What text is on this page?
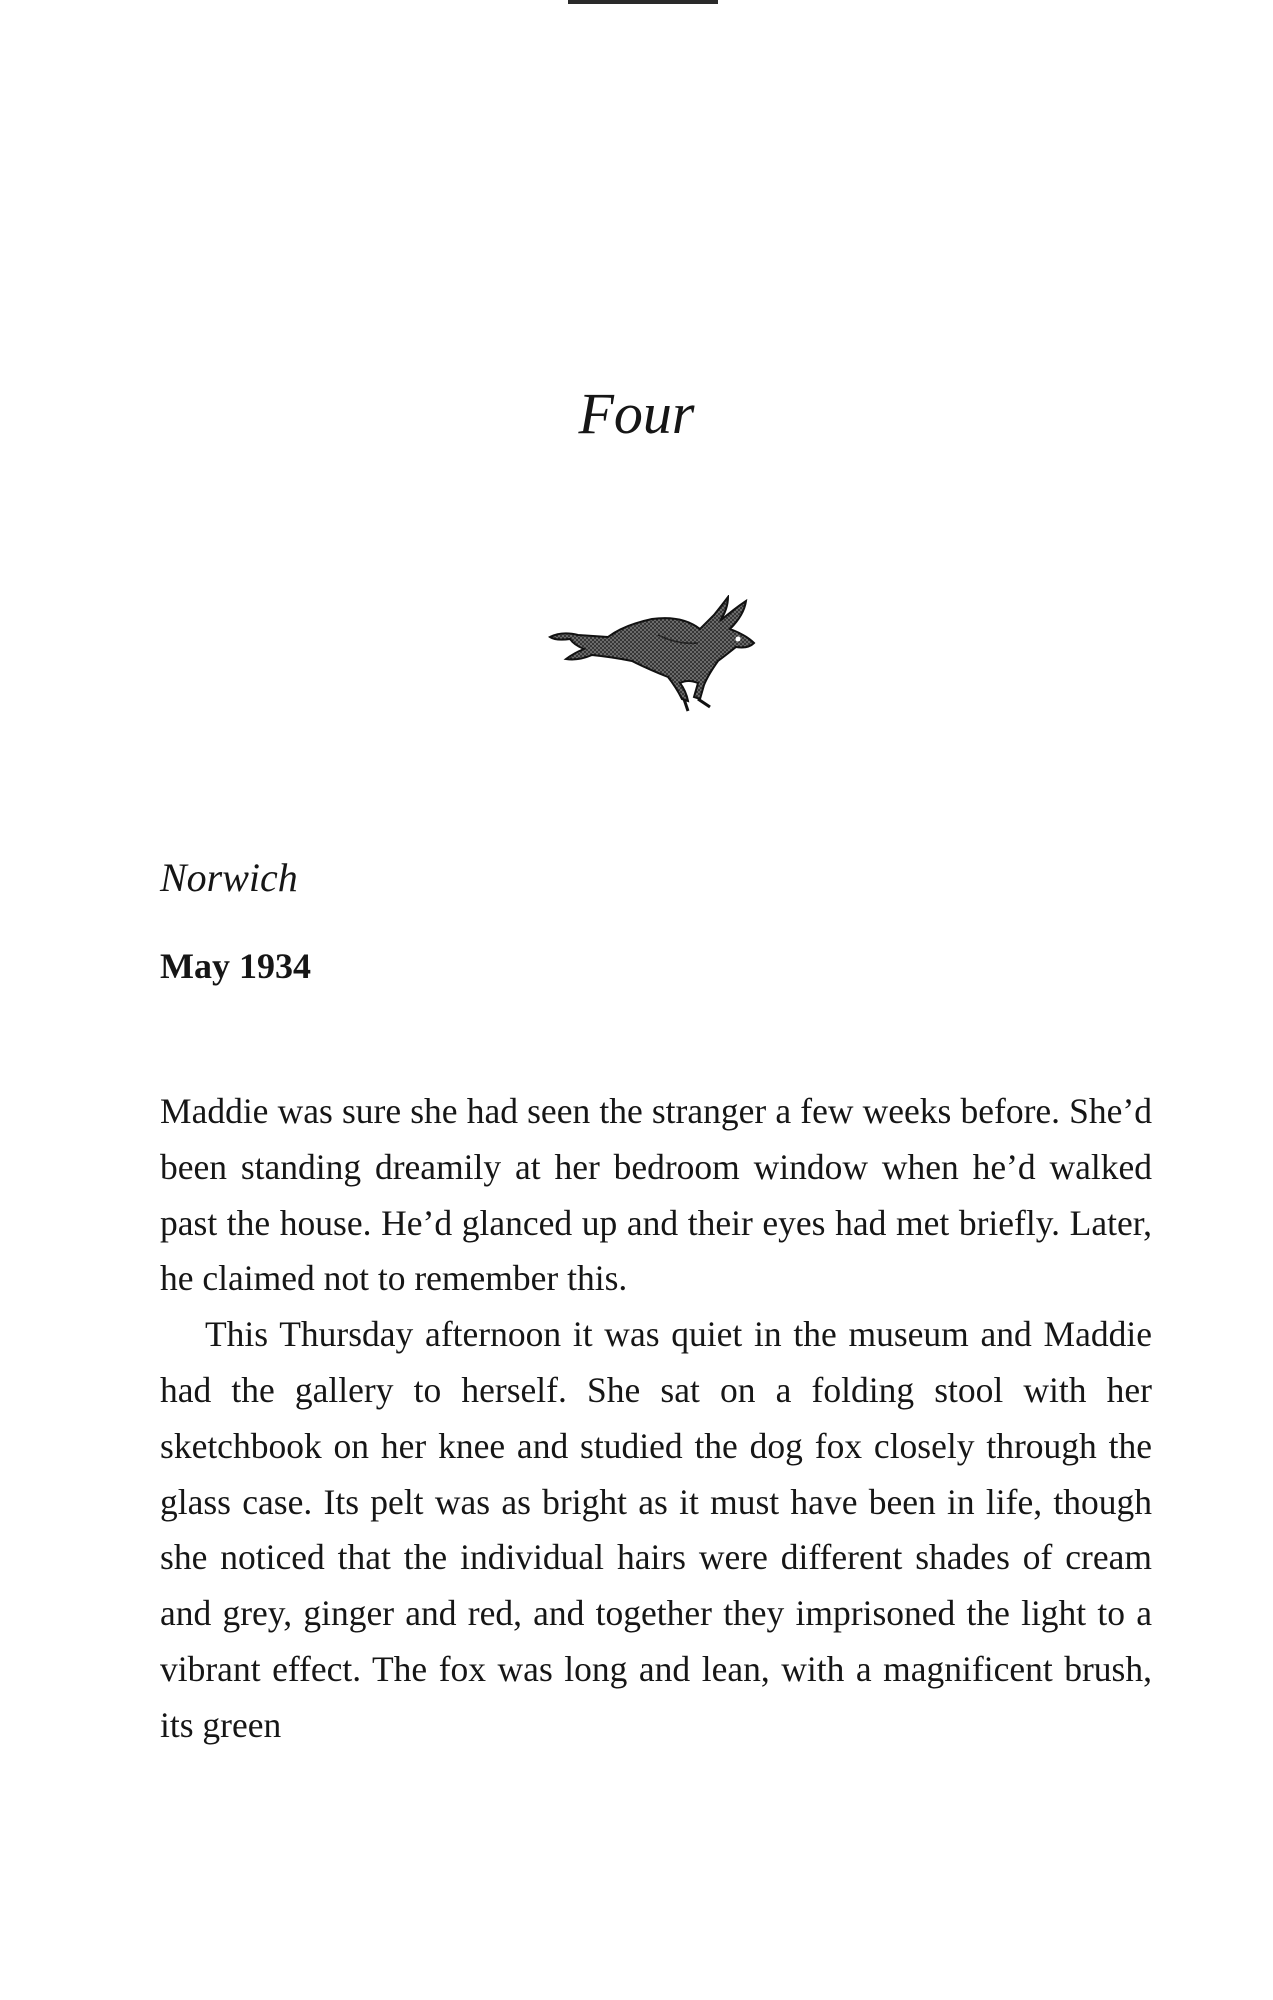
Four
Norwich
May 1934

Maddie was sure she had seen the stranger a few weeks before. She’d been standing dreamily at her bedroom window when he’d walked past the house. He’d glanced up and their eyes had met briefly. Later, he claimed not to remember this.

This Thursday afternoon it was quiet in the museum and Maddie had the gallery to herself. She sat on a folding stool with her sketchbook on her knee and studied the dog fox closely through the glass case. Its pelt was as bright as it must have been in life, though she noticed that the individual hairs were different shades of cream and grey, ginger and red, and together they imprisoned the light to a vibrant effect. The fox was long and lean, with a magnificent brush, its green
